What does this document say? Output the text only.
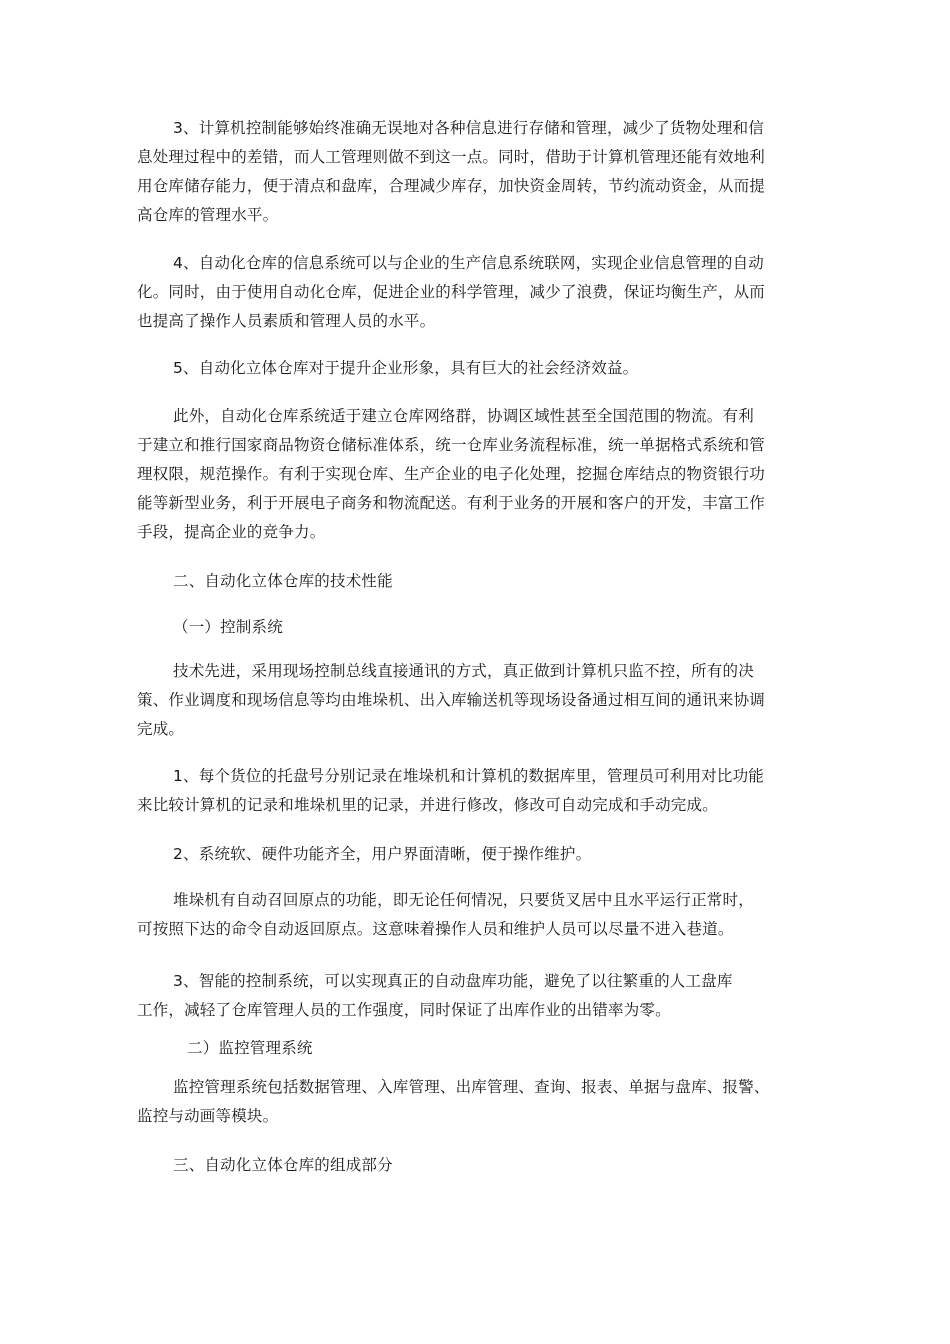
3、计算机控制能够始终准确无误地对各种信息进行存储和管理，减少了货物处理和信
息处理过程中的差错，而人工管理则做不到这一点。同时，借助于计算机管理还能有效地利
用仓库储存能力，便于清点和盘库，合理减少库存，加快资金周转，节约流动资金，从而提
高仓库的管理水平。

4、自动化仓库的信息系统可以与企业的生产信息系统联网，实现企业信息管理的自动
化。同时，由于使用自动化仓库，促进企业的科学管理，减少了浪费，保证均衡生产，从而
也提高了操作人员素质和管理人员的水平。

5、自动化立体仓库对于提升企业形象，具有巨大的社会经济效益。

此外，自动化仓库系统适于建立仓库网络群，协调区域性甚至全国范围的物流。有利
于建立和推行国家商品物资仓储标准体系，统一仓库业务流程标准，统一单据格式系统和管
理权限，规范操作。有利于实现仓库、生产企业的电子化处理，挖掘仓库结点的物资银行功
能等新型业务，利于开展电子商务和物流配送。有利于业务的开展和客户的开发，丰富工作
手段，提高企业的竞争力。

二、自动化立体仓库的技术性能

（一）控制系统

技术先进，采用现场控制总线直接通讯的方式，真正做到计算机只监不控，所有的决
策、作业调度和现场信息等均由堆垛机、出入库输送机等现场设备通过相互间的通讯来协调
完成。

1、每个货位的托盘号分别记录在堆垛机和计算机的数据库里，管理员可利用对比功能
来比较计算机的记录和堆垛机里的记录，并进行修改，修改可自动完成和手动完成。

2、系统软、硬件功能齐全，用户界面清晰，便于操作维护。

堆垛机有自动召回原点的功能，即无论任何情况，只要货叉居中且水平运行正常时，
可按照下达的命令自动返回原点。这意味着操作人员和维护人员可以尽量不进入巷道。

3、智能的控制系统，可以实现真正的自动盘库功能，避免了以往繁重的人工盘库
工作，减轻了仓库管理人员的工作强度，同时保证了出库作业的出错率为零。

二）监控管理系统

监控管理系统包括数据管理、入库管理、出库管理、查询、报表、单据与盘库、报警、
监控与动画等模块。

三、自动化立体仓库的组成部分
